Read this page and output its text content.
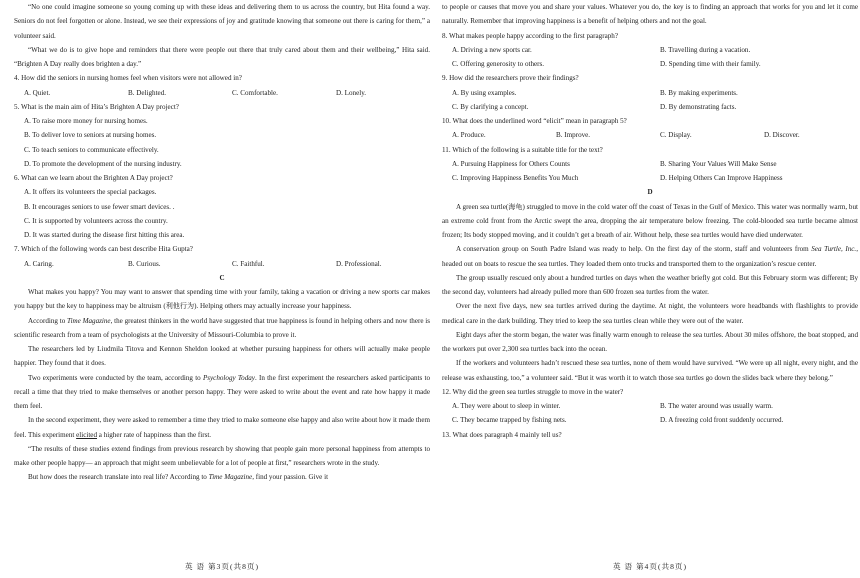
“No one could imagine someone so young coming up with these ideas and delivering them to us across the country, but Hita found a way. Seniors do not feel forgotten or alone. Instead, we see their expressions of joy and gratitude knowing that someone out there is caring for them,” a volunteer said.

“What we do is to give hope and reminders that there were people out there that truly cared about them and their wellbeing,” Hita said. “Brighten A Day really does brighten a day.”

4. How did the seniors in nursing homes feel when visitors were not allowed in?

A. Quiet.	B. Delighted.	C. Comfortable.	D. Lonely.

5. What is the main aim of Hita’s Brighten A Day project?

A. To raise more money for nursing homes.

B. To deliver love to seniors at nursing homes.

C. To teach seniors to communicate effectively.

D. To promote the development of the nursing industry.

6. What can we learn about the Brighten A Day project?

A. It offers its volunteers the special packages.

B. It encourages seniors to use fewer smart devices. .

C. It is supported by volunteers across the country.

D. It was started during the disease first hitting this area.

7. Which of the following words can best describe Hita Gupta?

A. Caring.	B. Curious.	C. Faithful.	D. Professional.

C

What makes you happy? You may want to answer that spending time with your family, taking a vacation or driving a new sports car makes you happy but the key to happiness may be altruism (利他行为). Helping others may actually increase your happiness.

According to Time Magazine, the greatest thinkers in the world have suggested that true happiness is found in helping others and now there is scientific research from a team of psychologists at the University of Missouri-Columbia to prove it.

The researchers led by Liudmila Titova and Kennon Sheldon looked at whether pursuing happiness for others will actually make people happier. They found that it does.

Two experiments were conducted by the team, according to Psychology Today. In the first experiment the researchers asked participants to recall a time that they tried to make themselves or another person happy. They were asked to write about the event and rate how happy it made them feel.

In the second experiment, they were asked to remember a time they tried to make someone else happy and also write about how it made them feel. This experiment elicited a higher rate of happiness than the first.

“The results of these studies extend findings from previous research by showing that people gain more personal happiness from attempts to make other people happy— an approach that might seem unbelievable for a lot of people at first,” researchers wrote in the study.

But how does the research translate into real life? According to Time Magazine, find your passion. Give it

英 语 第3页(共8页)

to people or causes that move you and share your values. Whatever you do, the key is to finding an approach that works for you and let it come naturally. Remember that improving happiness is a benefit of helping others and not the goal.

8. What makes people happy according to the first paragraph?

A. Driving a new sports car.	B. Travelling during a vacation.
C. Offering generosity to others.	D. Spending time with their family.

9. How did the researchers prove their findings?

A. By using examples.	B. By making experiments.
C. By clarifying a concept.	D. By demonstrating facts.

10. What does the underlined word “elicit” mean in paragraph 5?

A. Produce.	B. Improve.	C. Display.	D. Discover.

11. Which of the following is a suitable title for the text?

A. Pursuing Happiness for Others Counts	B. Sharing Your Values Will Make Sense
C. Improving Happiness Benefits You Much	D. Helping Others Can Improve Happiness

D

A green sea turtle(海龟) struggled to move in the cold water off the coast of Texas in the Gulf of Mexico. This water was normally warm, but an extreme cold front from the Arctic swept the area, dropping the air temperature below freezing. The cold-blooded sea turtle became almost frozen; Its body stopped moving, and it couldn’t get a breath of air. Without help, these sea turtles would have died underwater.

A conservation group on South Padre Island was ready to help. On the first day of the storm, staff and volunteers from Sea Turtle, Inc., headed out on boats to rescue the sea turtles. They loaded them onto trucks and transported them to the organization’s rescue center.

The group usually rescued only about a hundred turtles on days when the weather briefly got cold. But this February storm was different; By the second day, volunteers had already pulled more than 600 frozen sea turtles from the water.

Over the next five days, new sea turtles arrived during the daytime. At night, the volunteers wore headbands with flashlights to provide medical care in the dark building. They tried to keep the sea turtles clean while they were out of the water.

Eight days after the storm began, the water was finally warm enough to release the sea turtles. About 30 miles offshore, the boat stopped, and the workers put over 2,300 sea turtles back into the ocean.

If the workers and volunteers hadn’t rescued these sea turtles, none of them would have survived. “We were up all night, every night, and the release was exhausting, too,” a volunteer said. “But it was worth it to watch those sea turtles go down the slides back where they belong.”

12. Why did the green sea turtles struggle to move in the water?

A. They were about to sleep in winter.	B. The water around was usually warm.
C. They became trapped by fishing nets.	D. A freezing cold front suddenly occurred.

13. What does paragraph 4 mainly tell us?

英 语 第4页(共8页)
